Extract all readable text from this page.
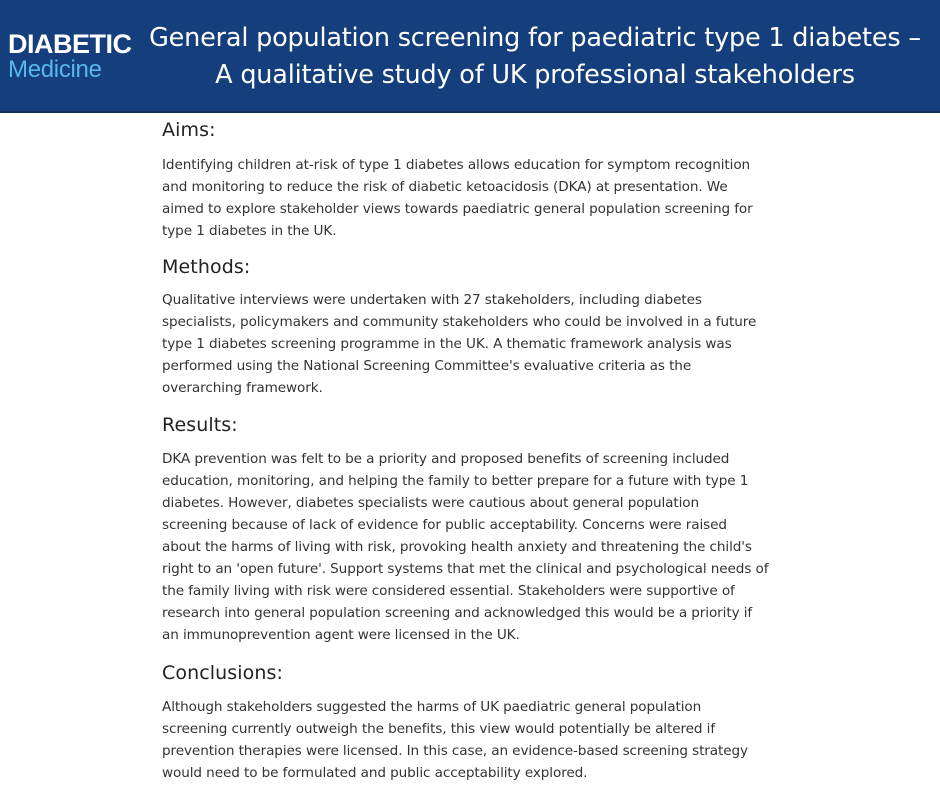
DIABETIC
Medicine
General population screening for paediatric type 1 diabetes – A qualitative study of UK professional stakeholders
Aims:

Identifying children at-risk of type 1 diabetes allows education for symptom recognition
and monitoring to reduce the risk of diabetic ketoacidosis (DKA) at presentation. We
aimed to explore stakeholder views towards paediatric general population screening for
type 1 diabetes in the UK.

Methods:

Qualitative interviews were undertaken with 27 stakeholders, including diabetes
specialists, policymakers and community stakeholders who could be involved in a future
type 1 diabetes screening programme in the UK. A thematic framework analysis was
performed using the National Screening Committee's evaluative criteria as the
overarching framework.

Results:

DKA prevention was felt to be a priority and proposed benefits of screening included
education, monitoring, and helping the family to better prepare for a future with type 1
diabetes. However, diabetes specialists were cautious about general population
screening because of lack of evidence for public acceptability. Concerns were raised
about the harms of living with risk, provoking health anxiety and threatening the child's
right to an 'open future'. Support systems that met the clinical and psychological needs of
the family living with risk were considered essential. Stakeholders were supportive of
research into general population screening and acknowledged this would be a priority if
an immunoprevention agent were licensed in the UK.

Conclusions:

Although stakeholders suggested the harms of UK paediatric general population
screening currently outweigh the benefits, this view would potentially be altered if
prevention therapies were licensed. In this case, an evidence-based screening strategy
would need to be formulated and public acceptability explored.
